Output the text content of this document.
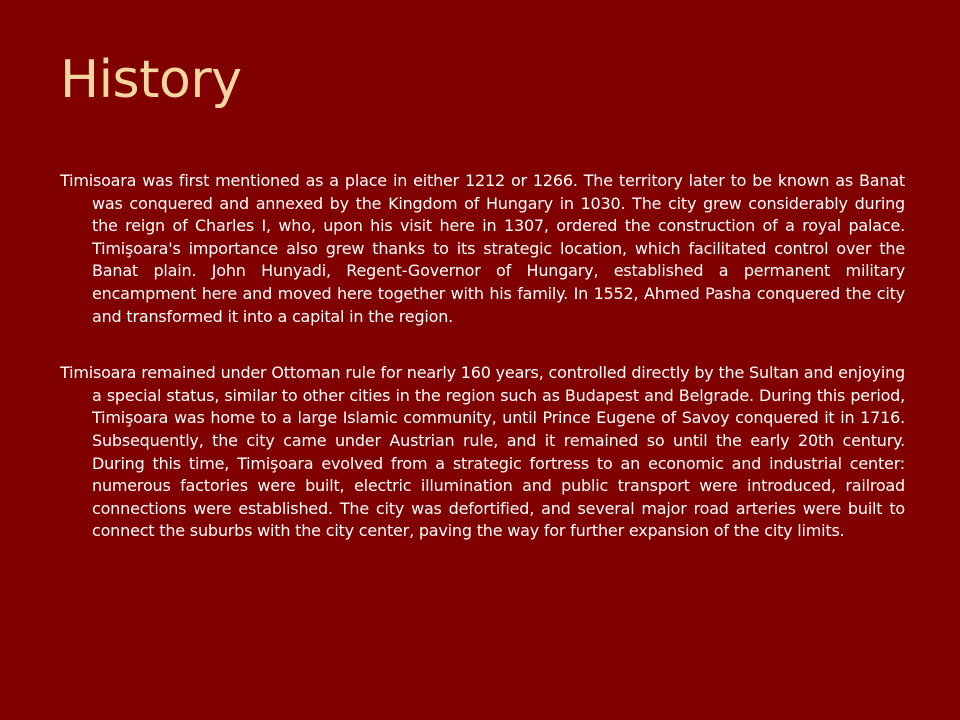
History

Timisoara was first mentioned as a place in either 1212 or 1266. The territory later to be known as Banat was conquered and annexed by the Kingdom of Hungary in 1030. The city grew considerably during the reign of Charles I, who, upon his visit here in 1307, ordered the construction of a royal palace. Timişoara's importance also grew thanks to its strategic location, which facilitated control over the Banat plain. John Hunyadi, Regent-Governor of Hungary, established a permanent military encampment here and moved here together with his family. In 1552, Ahmed Pasha conquered the city and transformed it into a capital in the region.

Timisoara remained under Ottoman rule for nearly 160 years, controlled directly by the Sultan and enjoying a special status, similar to other cities in the region such as Budapest and Belgrade. During this period, Timişoara was home to a large Islamic community, until Prince Eugene of Savoy conquered it in 1716. Subsequently, the city came under Austrian rule, and it remained so until the early 20th century. During this time, Timişoara evolved from a strategic fortress to an economic and industrial center: numerous factories were built, electric illumination and public transport were introduced, railroad connections were established. The city was defortified, and several major road arteries were built to connect the suburbs with the city center, paving the way for further expansion of the city limits.
